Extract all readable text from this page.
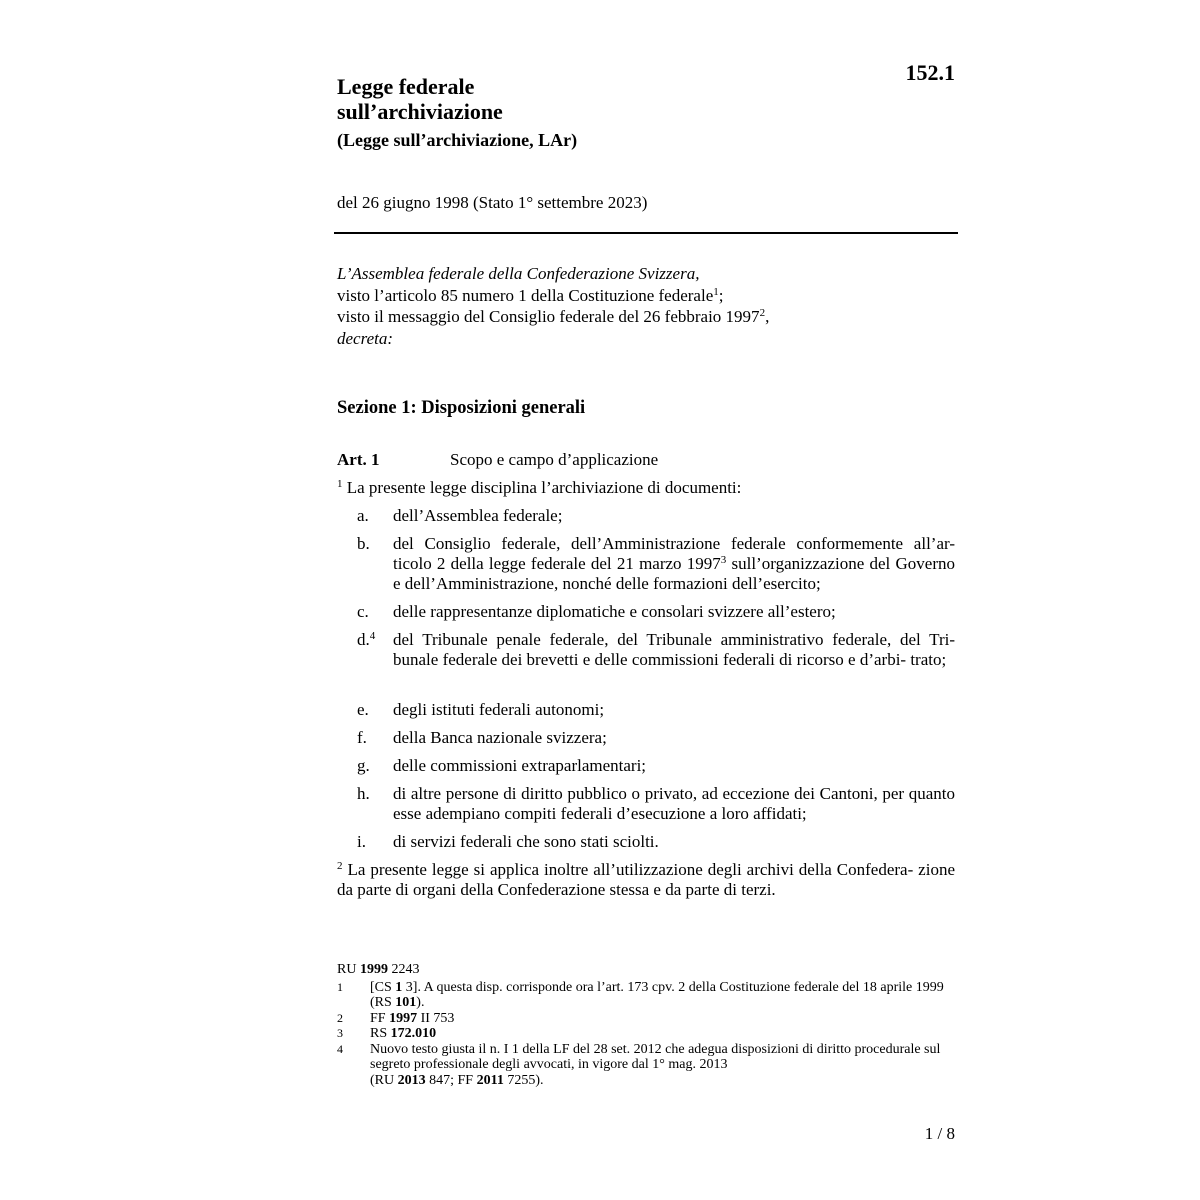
152.1
Legge federale
sull’archiviazione
(Legge sull’archiviazione, LAr)
del 26 giugno 1998 (Stato 1° settembre 2023)
L’Assemblea federale della Confederazione Svizzera,
visto l’articolo 85 numero 1 della Costituzione federale$^1$;
visto il messaggio del Consiglio federale del 26 febbraio 1997$^2$,
decreta:
Sezione 1: Disposizioni generali
Art. 1	Scopo e campo d’applicazione
$^1$ La presente legge disciplina l’archiviazione di documenti:
a.	dell’Assemblea federale;
b.	del Consiglio federale, dell’Amministrazione federale conformemente all’ar- ticolo 2 della legge federale del 21 marzo 1997$^3$ sull’organizzazione del Governo e dell’Amministrazione, nonché delle formazioni dell’esercito;
c.	delle rappresentanze diplomatiche e consolari svizzere all’estero;
d.$^4$	del Tribunale penale federale, del Tribunale amministrativo federale, del Tri- bunale federale dei brevetti e delle commissioni federali di ricorso e d’arbi- trato;
e.	degli istituti federali autonomi;
f.	della Banca nazionale svizzera;
g.	delle commissioni extraparlamentari;
h.	di altre persone di diritto pubblico o privato, ad eccezione dei Cantoni, per quanto esse adempiano compiti federali d’esecuzione a loro affidati;
i.	di servizi federali che sono stati sciolti.
$^2$ La presente legge si applica inoltre all’utilizzazione degli archivi della Confedera- zione da parte di organi della Confederazione stessa e da parte di terzi.
RU 1999 2243
1	[CS 1 3]. A questa disp. corrisponde ora l’art. 173 cpv. 2 della Costituzione federale del 18 aprile 1999 (RS 101).
2	FF 1997 II 753
3	RS 172.010
4	Nuovo testo giusta il n. I 1 della LF del 28 set. 2012 che adegua disposizioni di diritto procedurale sul segreto professionale degli avvocati, in vigore dal 1° mag. 2013
(RU 2013 847; FF 2011 7255).
1 / 8
